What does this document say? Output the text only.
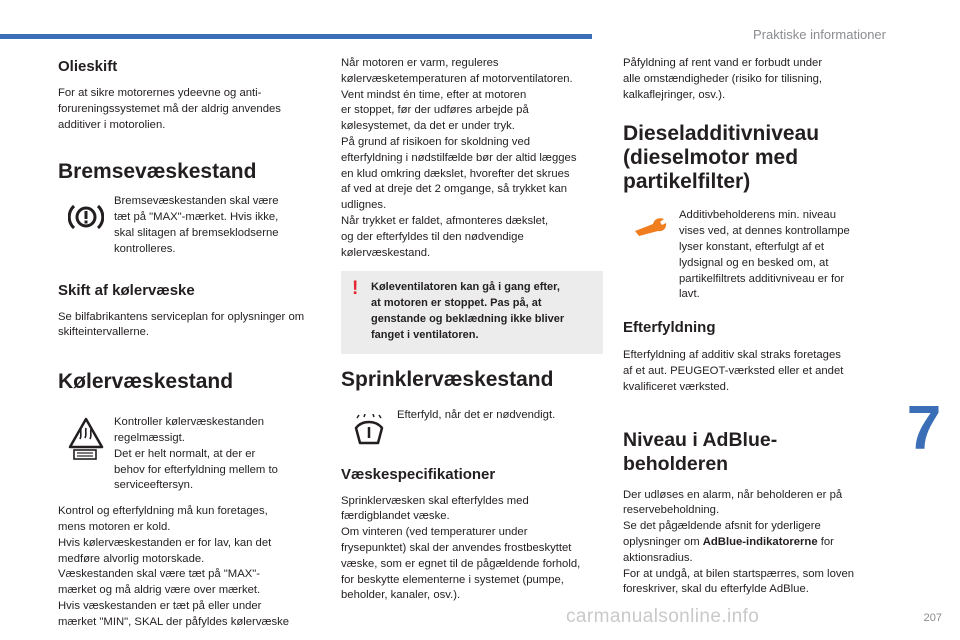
Praktiske informationer
7
207
carmanualsonline.info
Olieskift
For at sikre motorernes ydeevne og anti-forureningssystemet må der aldrig anvendes additiver i motorolien.
Bremsevæskestand
Bremsevæskestanden skal være
tæt på "MAX"-mærket. Hvis ikke,
skal slitagen af bremseklodserne
kontrolleres.
Skift af kølervæske
Se bilfabrikantens serviceplan for oplysninger om skifteintervallerne.
Kølervæskestand
Kontroller kølervæskestanden
regelmæssigt.
Det er helt normalt, at der er
behov for efterfyldning mellem to
serviceeftersyn.
Kontrol og efterfyldning må kun foretages,
mens motoren er kold.
Hvis kølervæskestanden er for lav, kan det
medføre alvorlig motorskade.
Væskestanden skal være tæt på "MAX"-
mærket og må aldrig være over mærket.
Hvis væskestanden er tæt på eller under
mærket "MIN", SKAL der påfyldes kølervæske
Når motoren er varm, reguleres
kølervæsketemperaturen af motorventilatoren.
Vent mindst én time, efter at motoren
er stoppet, før der udføres arbejde på
kølesystemet, da det er under tryk.
På grund af risikoen for skoldning ved
efterfyldning i nødstilfælde bør der altid lægges
en klud omkring dækslet, hvorefter det skrues
af ved at dreje det 2 omgange, så trykket kan
udlignes.
Når trykket er faldet, afmonteres dækslet,
og der efterfyldes til den nødvendige
kølervæskestand.
! Køleventilatoren kan gå i gang efter,
at motoren er stoppet. Pas på, at
genstande og beklædning ikke bliver
fanget i ventilatoren.
Sprinklervæskestand
Efterfyld, når det er nødvendigt.
Væskespecifikationer
Sprinklervæsken skal efterfyldes med
færdigblandet væske.
Om vinteren (ved temperaturer under
frysepunktet) skal der anvendes frostbeskyttet
væske, som er egnet til de pågældende forhold,
for beskytte elementerne i systemet (pumpe,
beholder, kanaler, osv.).
Påfyldning af rent vand er forbudt under
alle omstændigheder (risiko for tilisning,
kalkaflejringer, osv.).
Dieseladditivniveau
(dieselmotor med
partikelfilter)
Additivbeholderens min. niveau
vises ved, at dennes kontrollampe
lyser konstant, efterfulgt af et
lydsignal og en besked om, at
partikelfiltrets additivniveau er for
lavt.
Efterfyldning
Efterfyldning af additiv skal straks foretages
af et aut. PEUGEOT-værksted eller et andet
kvalificeret værksted.
Niveau i AdBlue-beholderen
Der udløses en alarm, når beholderen er på
reservebeholdning.
Se det pågældende afsnit for yderligere
oplysninger om AdBlue-indikatorerne for
aktionsradius.
For at undgå, at bilen startspærres, som loven
foreskriver, skal du efterfylde AdBlue.
